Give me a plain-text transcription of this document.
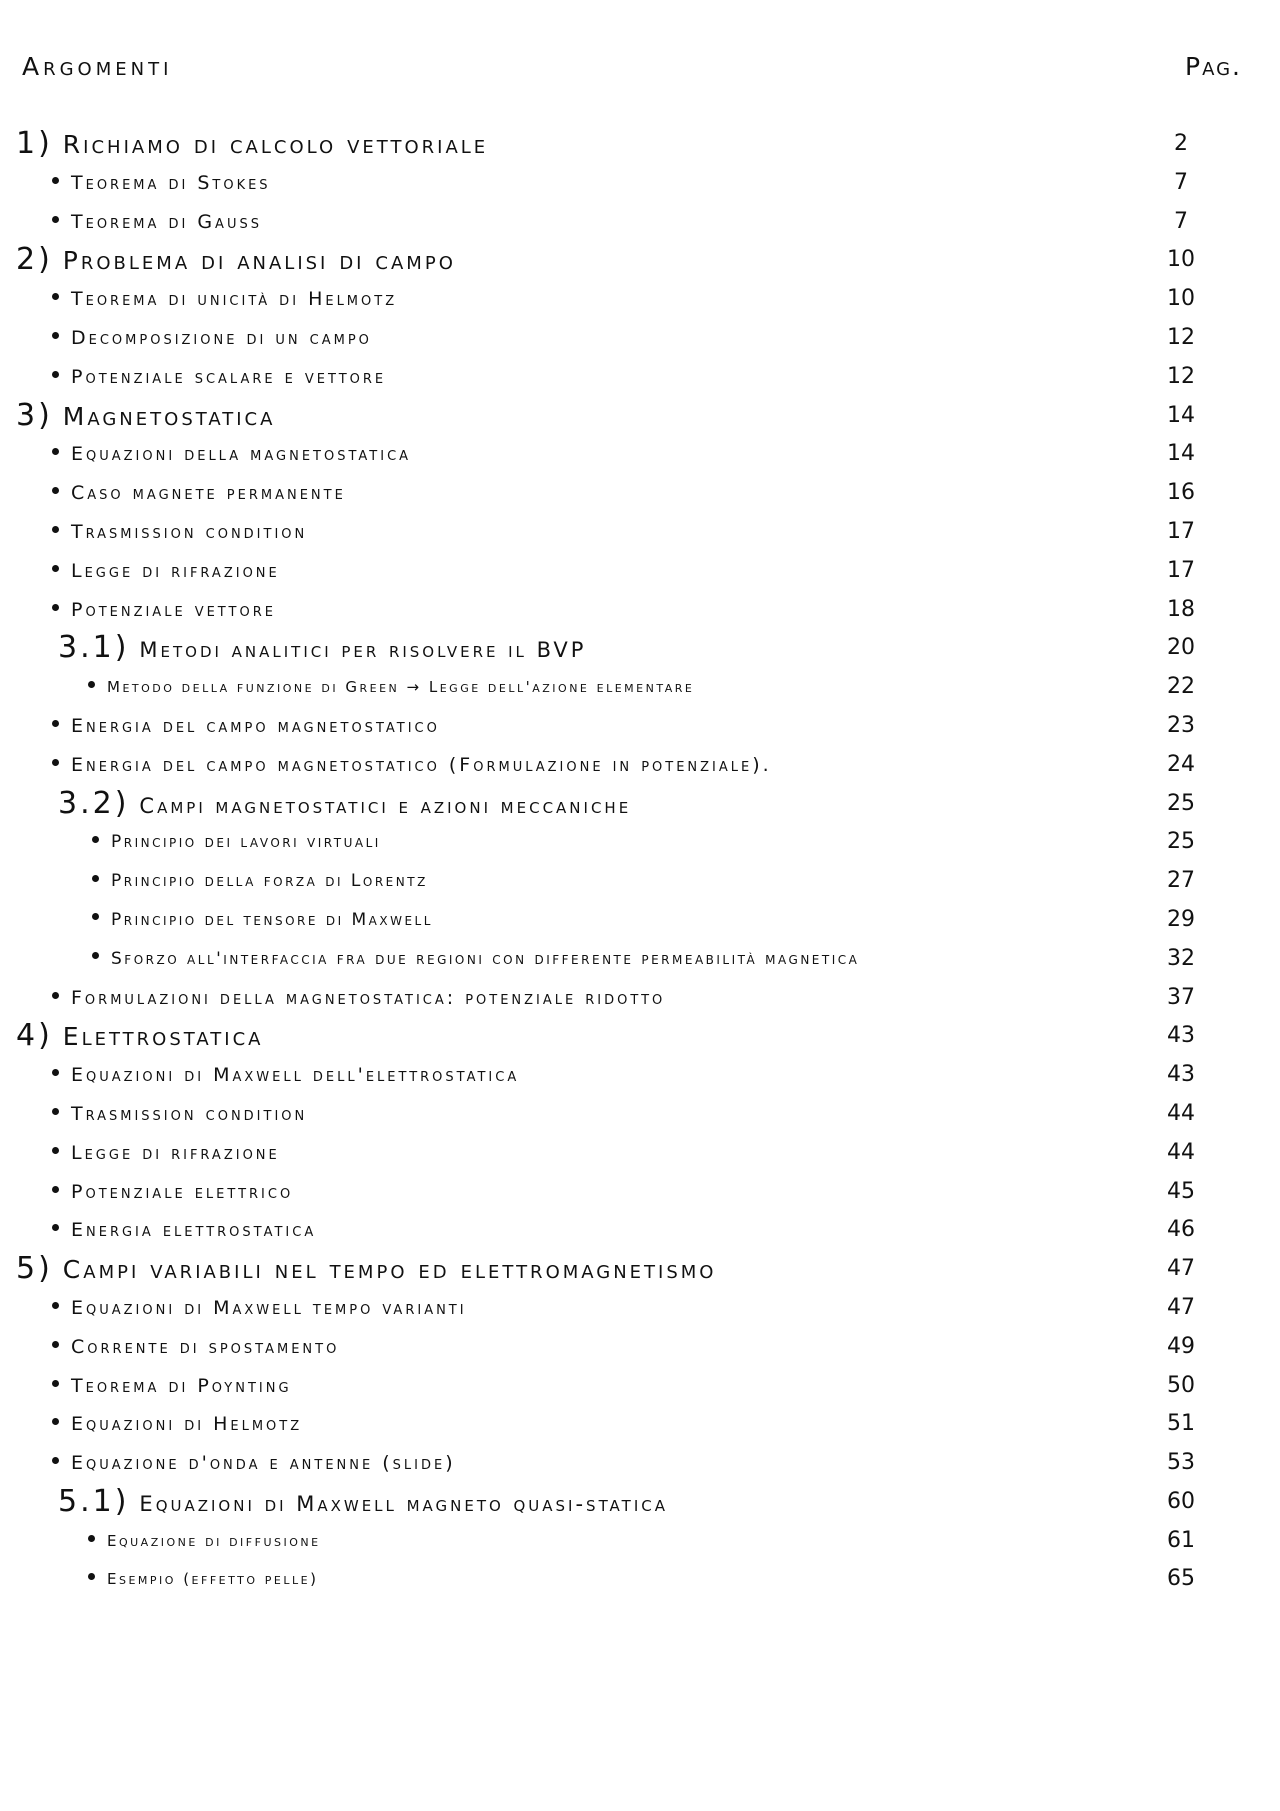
Argomenti	Pag.
1) Richiamo di calcolo vettoriale	2
Teorema di Stokes	7
Teorema di Gauss	7
2) Problema di analisi di campo	10
Teorema di unicità di Helmotz	10
Decomposizione di un campo	12
Potenziale scalare e vettore	12
3) Magnetostatica	14
Equazioni della magnetostatica	14
Caso magnete permanente	16
Trasmission condition	17
Legge di rifrazione	17
Potenziale vettore	18
3.1) Metodi analitici per risolvere il BVP	20
Metodo della funzione di Green → Legge dell'azione elementare	22
Energia del campo magnetostatico	23
Energia del campo magnetostatico (Formulazione in potenziale).	24
3.2) Campi magnetostatici e azioni meccaniche	25
Principio dei lavori virtuali	25
Principio della forza di Lorentz	27
Principio del tensore di Maxwell	29
Sforzo all'interfaccia fra due regioni con differente permeabilità magnetica	32
Formulazioni della magnetostatica: potenziale ridotto	37
4) Elettrostatica	43
Equazioni di Maxwell dell'elettrostatica	43
Trasmission condition	44
Legge di rifrazione	44
Potenziale elettrico	45
Energia elettrostatica	46
5) Campi variabili nel tempo ed elettromagnetismo	47
Equazioni di Maxwell tempo varianti	47
Corrente di spostamento	49
Teorema di Poynting	50
Equazioni di Helmotz	51
Equazione d'onda e antenne (slide)	53
5.1) Equazioni di Maxwell magneto quasi-statica	60
Equazione di diffusione	61
Esempio (effetto pelle)	65
